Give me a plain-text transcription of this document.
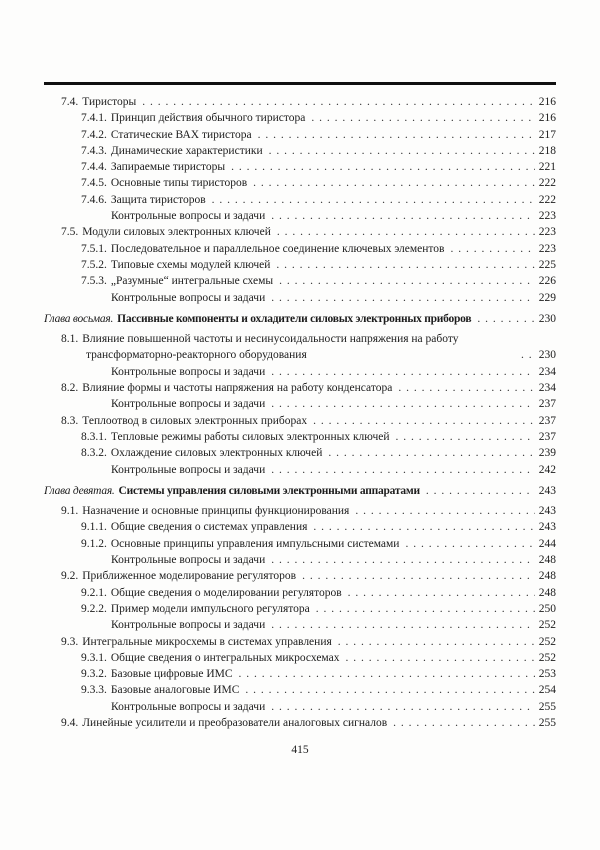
7.4. Тиристоры . . .	216
7.4.1. Принцип действия обычного тиристора . . .	216
7.4.2. Статические ВАХ тиристора . . .	217
7.4.3. Динамические характеристики . . .	218
7.4.4. Запираемые тиристоры . . .	221
7.4.5. Основные типы тиристоров . . .	222
7.4.6. Защита тиристоров . . .	222
Контрольные вопросы и задачи . . .	223
7.5. Модули силовых электронных ключей . . .	223
7.5.1. Последовательное и параллельное соединение ключевых элементов . . .	223
7.5.2. Типовые схемы модулей ключей . . .	225
7.5.3. „Разумные“ интегральные схемы . . .	226
Контрольные вопросы и задачи . . .	229
Глава восьмая. Пассивные компоненты и охладители силовых электронных приборов . . .	230
8.1. Влияние повышенной частоты и несинусоидальности напряжения на работу трансформаторно-реакторного оборудования . . .	230
Контрольные вопросы и задачи . . .	234
8.2. Влияние формы и частоты напряжения на работу конденсатора . . .	234
Контрольные вопросы и задачи . . .	237
8.3. Теплоотвод в силовых электронных приборах . . .	237
8.3.1. Тепловые режимы работы силовых электронных ключей . . .	237
8.3.2. Охлаждение силовых электронных ключей . . .	239
Контрольные вопросы и задачи . . .	242
Глава девятая. Системы управления силовыми электронными аппаратами . . .	243
9.1. Назначение и основные принципы функционирования . . .	243
9.1.1. Общие сведения о системах управления . . .	243
9.1.2. Основные принципы управления импульсными системами . . .	244
Контрольные вопросы и задачи . . .	248
9.2. Приближенное моделирование регуляторов . . .	248
9.2.1. Общие сведения о моделировании регуляторов . . .	248
9.2.2. Пример модели импульсного регулятора . . .	250
Контрольные вопросы и задачи . . .	252
9.3. Интегральные микросхемы в системах управления . . .	252
9.3.1. Общие сведения о интегральных микросхемах . . .	252
9.3.2. Базовые цифровые ИМС . . .	253
9.3.3. Базовые аналоговые ИМС . . .	254
Контрольные вопросы и задачи . . .	255
9.4. Линейные усилители и преобразователи аналоговых сигналов . . .	255
415
